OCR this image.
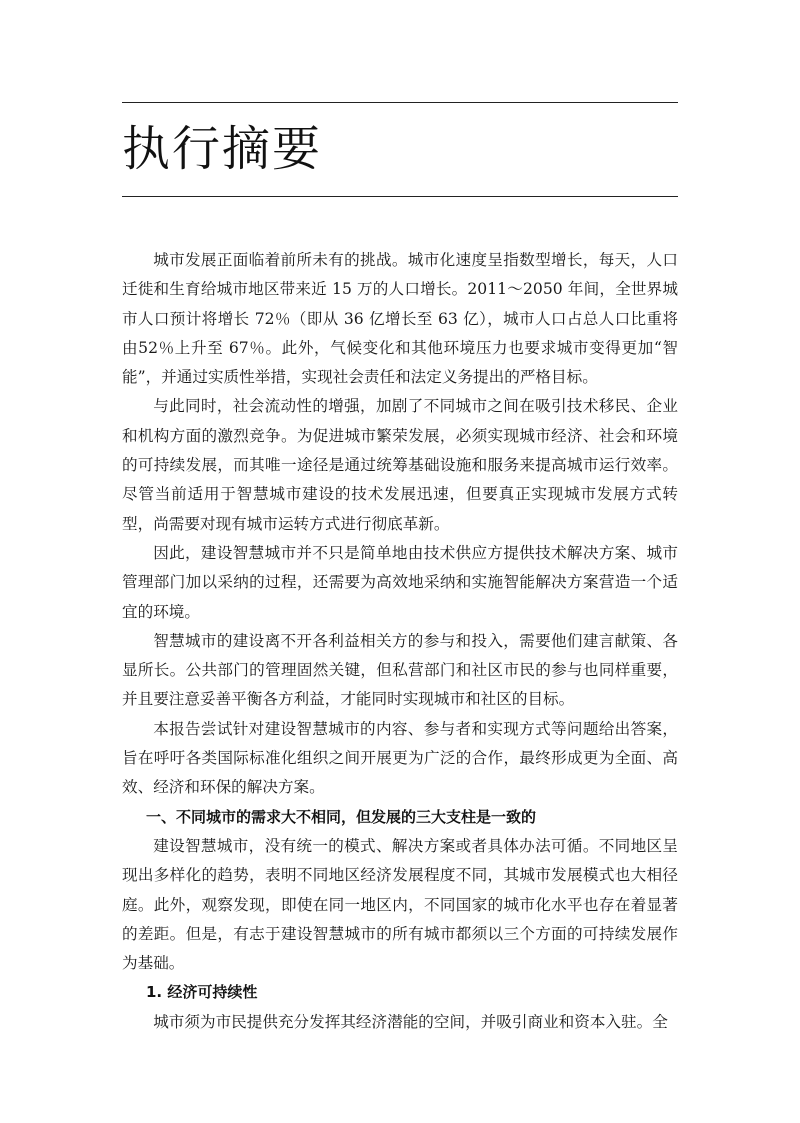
执行摘要

城市发展正面临着前所未有的挑战。城市化速度呈指数型增长，每天，人口迁徙和生育给城市地区带来近 15 万的人口增长。2011～2050 年间，全世界城市人口预计将增长 72％（即从 36 亿增长至 63 亿），城市人口占总人口比重将由52％上升至 67％。此外，气候变化和其他环境压力也要求城市变得更加“智能”，并通过实质性举措，实现社会责任和法定义务提出的严格目标。

与此同时，社会流动性的增强，加剧了不同城市之间在吸引技术移民、企业和机构方面的激烈竞争。为促进城市繁荣发展，必须实现城市经济、社会和环境的可持续发展，而其唯一途径是通过统筹基础设施和服务来提高城市运行效率。尽管当前适用于智慧城市建设的技术发展迅速，但要真正实现城市发展方式转型，尚需要对现有城市运转方式进行彻底革新。

因此，建设智慧城市并不只是简单地由技术供应方提供技术解决方案、城市管理部门加以采纳的过程，还需要为高效地采纳和实施智能解决方案营造一个适宜的环境。

智慧城市的建设离不开各利益相关方的参与和投入，需要他们建言献策、各显所长。公共部门的管理固然关键，但私营部门和社区市民的参与也同样重要，并且要注意妥善平衡各方利益，才能同时实现城市和社区的目标。

本报告尝试针对建设智慧城市的内容、参与者和实现方式等问题给出答案，旨在呼吁各类国际标准化组织之间开展更为广泛的合作，最终形成更为全面、高效、经济和环保的解决方案。

一、不同城市的需求大不相同，但发展的三大支柱是一致的

建设智慧城市，没有统一的模式、解决方案或者具体办法可循。不同地区呈现出多样化的趋势，表明不同地区经济发展程度不同，其城市发展模式也大相径庭。此外，观察发现，即使在同一地区内，不同国家的城市化水平也存在着显著的差距。但是，有志于建设智慧城市的所有城市都须以三个方面的可持续发展作为基础。

1. 经济可持续性

城市须为市民提供充分发挥其经济潜能的空间，并吸引商业和资本入驻。全
